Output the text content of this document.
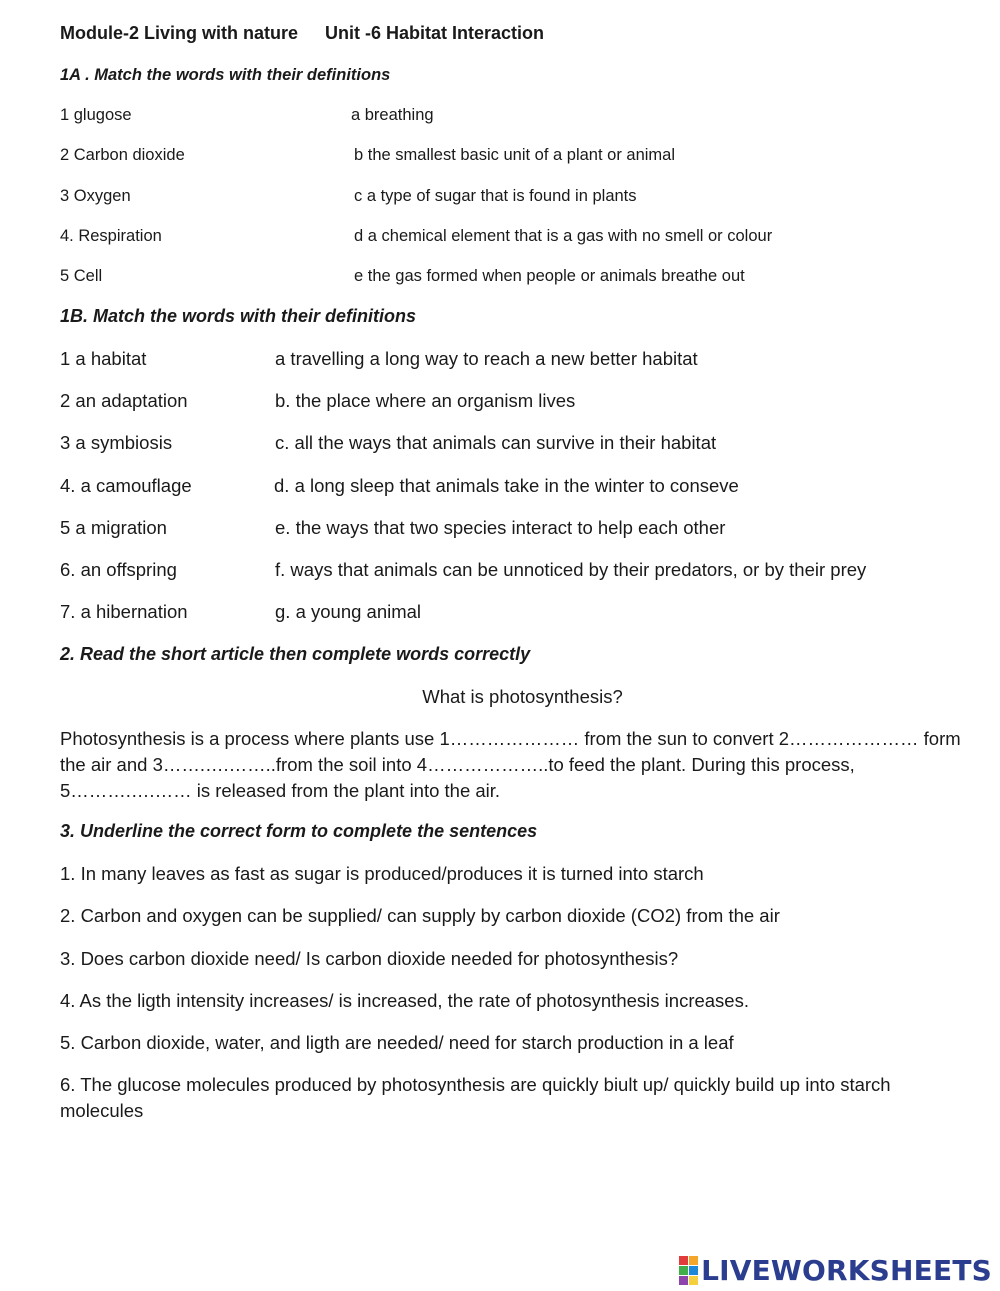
Module-2 Living with nature Unit -6 Habitat Interaction
1A . Match the words with their definitions
1 glugose	a breathing
2 Carbon dioxide	b the smallest basic unit of a plant or animal
3 Oxygen	c a type of sugar that is found in plants
4. Respiration	d a chemical element that is a gas with no smell or colour
5 Cell	e the gas formed when people or animals breathe out
1B. Match the words with their definitions
1 a habitat	a travelling a long way to reach a new better habitat
2 an adaptation	b. the place where an organism lives
3 a symbiosis	c. all the ways that animals can survive in their habitat
4. a camouflage	d. a long sleep that animals take in the winter to conseve
5 a migration	e. the ways that two species interact to help each other
6. an offspring	f. ways that animals can be unnoticed by their predators, or by their prey
7. a hibernation	g. a young animal
2. Read the short article then complete words correctly
What is photosynthesis?
Photosynthesis is a process where plants use 1………………… from the sun to convert 2………………… form the air and 3…….….……..from the soil into 4………………..to feed the plant. During this process, 5……….….…… is released from the plant into the air.
3. Underline the correct form to complete the sentences
1. In many leaves as fast as sugar is produced/produces it is turned into starch
2. Carbon and oxygen can be supplied/ can supply by carbon dioxide (CO2) from the air
3. Does carbon dioxide need/ Is carbon dioxide needed for photosynthesis?
4. As the ligth intensity increases/ is increased, the rate of photosynthesis increases.
5. Carbon dioxide, water, and ligth are needed/ need for starch production in a leaf
6. The glucose molecules produced by photosynthesis are quickly biult up/ quickly build up into starch molecules
LIVEWORKSHEETS
